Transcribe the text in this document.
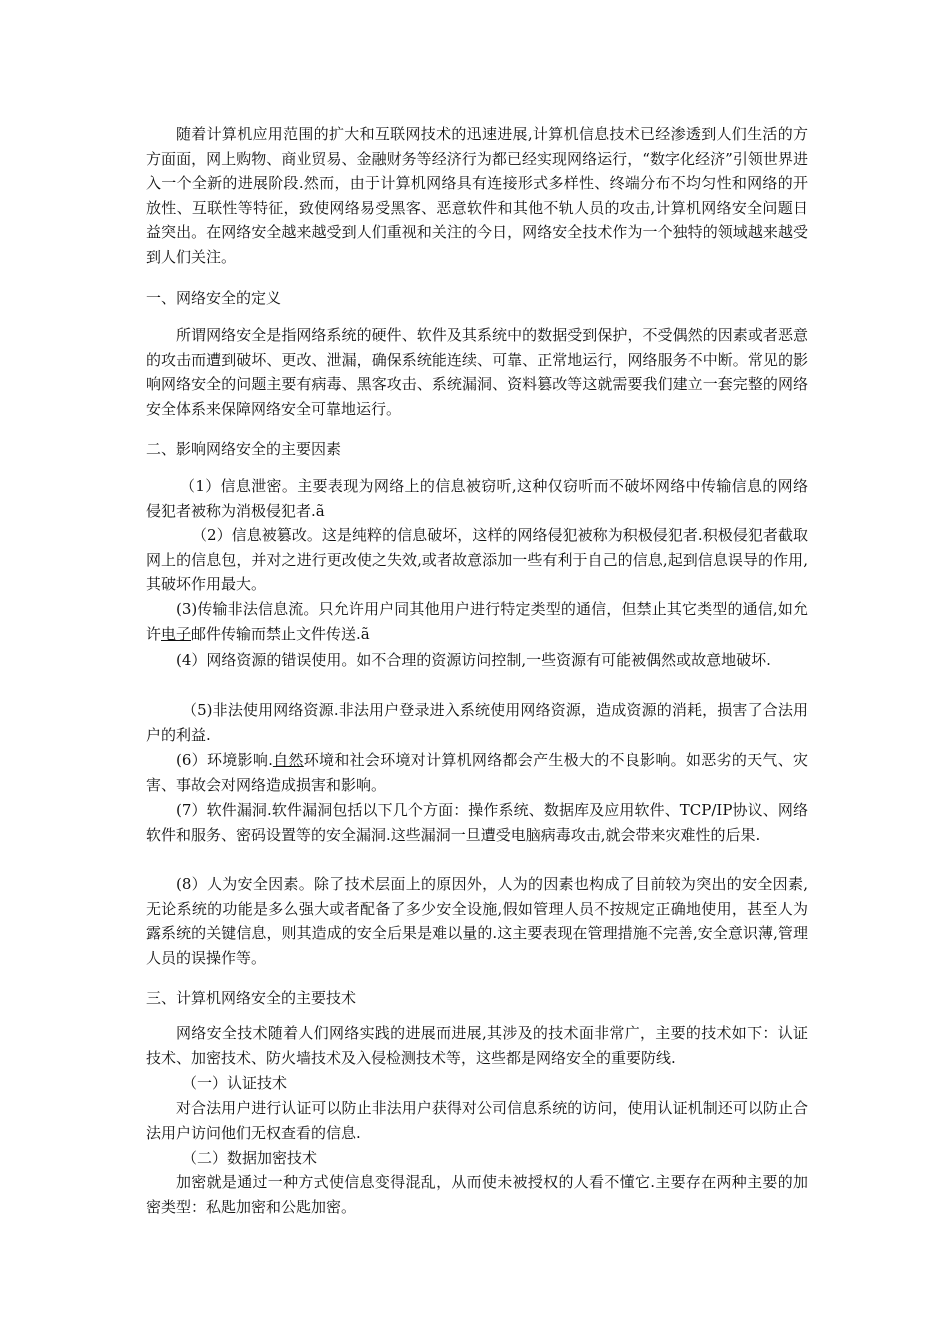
随着计算机应用范围的扩大和互联网技术的迅速进展,计算机信息技术已经渗透到人们生活的方方面面，网上购物、商业贸易、金融财务等经济行为都已经实现网络运行，“数字化经济”引领世界进入一个全新的进展阶段.然而，由于计算机网络具有连接形式多样性、终端分布不均匀性和网络的开放性、互联性等特征，致使网络易受黑客、恶意软件和其他不轨人员的攻击,计算机网络安全问题日益突出。在网络安全越来越受到人们重视和关注的今日，网络安全技术作为一个独特的领域越来越受到人们关注。
一、网络安全的定义
所谓网络安全是指网络系统的硬件、软件及其系统中的数据受到保护，不受偶然的因素或者恶意的攻击而遭到破坏、更改、泄漏，确保系统能连续、可靠、正常地运行，网络服务不中断。常见的影响网络安全的问题主要有病毒、黑客攻击、系统漏洞、资料篡改等这就需要我们建立一套完整的网络安全体系来保障网络安全可靠地运行。
二、影响网络安全的主要因素
（1）信息泄密。主要表现为网络上的信息被窃听,这种仅窃听而不破坏网络中传输信息的网络侵犯者被称为消极侵犯者.ã
（2）信息被篡改。这是纯粹的信息破坏，这样的网络侵犯被称为积极侵犯者.积极侵犯者截取网上的信息包，并对之进行更改使之失效,或者故意添加一些有利于自己的信息,起到信息误导的作用,其破坏作用最大。
(3)传输非法信息流。只允许用户同其他用户进行特定类型的通信，但禁止其它类型的通信,如允许电子邮件传输而禁止文件传送.ã
(4）网络资源的错误使用。如不合理的资源访问控制,一些资源有可能被偶然或故意地破坏.
（5)非法使用网络资源.非法用户登录进入系统使用网络资源，造成资源的消耗，损害了合法用户的利益.
(6）环境影响.自然环境和社会环境对计算机网络都会产生极大的不良影响。如恶劣的天气、灾害、事故会对网络造成损害和影响。
(7）软件漏洞.软件漏洞包括以下几个方面：操作系统、数据库及应用软件、TCP/IP协议、网络软件和服务、密码设置等的安全漏洞.这些漏洞一旦遭受电脑病毒攻击,就会带来灾难性的后果.
(8）人为安全因素。除了技术层面上的原因外，人为的因素也构成了目前较为突出的安全因素,无论系统的功能是多么强大或者配备了多少安全设施,假如管理人员不按规定正确地使用，甚至人为露系统的关键信息，则其造成的安全后果是难以量的.这主要表现在管理措施不完善,安全意识薄,管理人员的误操作等。
三、计算机网络安全的主要技术
网络安全技术随着人们网络实践的进展而进展,其涉及的技术面非常广，主要的技术如下：认证技术、加密技术、防火墙技术及入侵检测技术等，这些都是网络安全的重要防线.
（一）认证技术
对合法用户进行认证可以防止非法用户获得对公司信息系统的访问，使用认证机制还可以防止合法用户访问他们无权查看的信息.
（二）数据加密技术
加密就是通过一种方式使信息变得混乱，从而使未被授权的人看不懂它.主要存在两种主要的加密类型：私匙加密和公匙加密。
